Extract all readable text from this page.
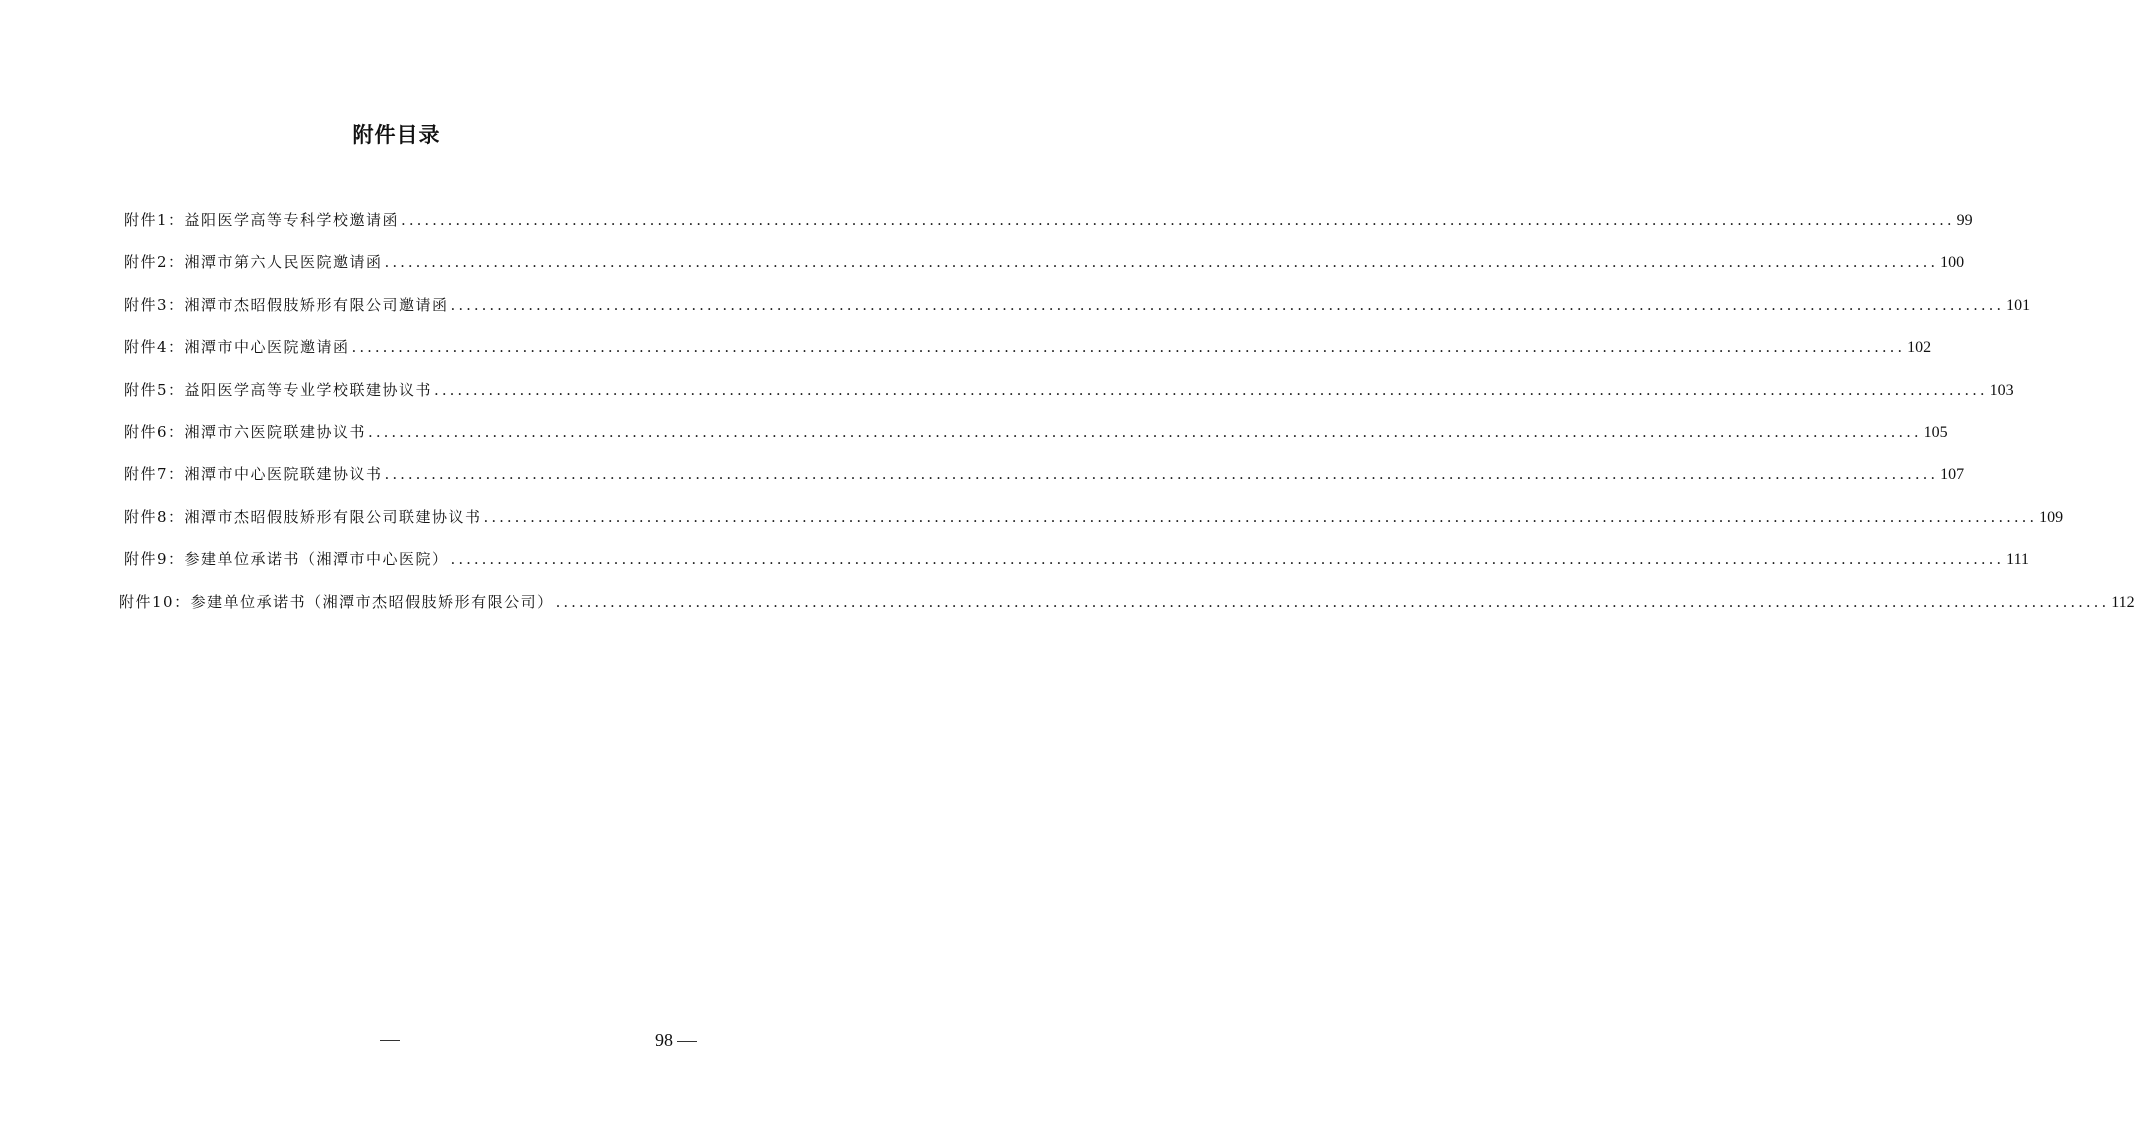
附件目录
附件1：益阳医学高等专科学校邀请函 ........................................................................................................................................................................................................ 99
附件2：湘潭市第六人民医院邀请函 ........................................................................................................................................................................................................ 100
附件3：湘潭市杰昭假肢矫形有限公司邀请函 ........................................................................................................................................................................................................ 101
附件4：湘潭市中心医院邀请函 ........................................................................................................................................................................................................ 102
附件5：益阳医学高等专业学校联建协议书 ........................................................................................................................................................................................................ 103
附件6：湘潭市六医院联建协议书 ........................................................................................................................................................................................................ 105
附件7：湘潭市中心医院联建协议书 ........................................................................................................................................................................................................ 107
附件8：湘潭市杰昭假肢矫形有限公司联建协议书 ........................................................................................................................................................................................................ 109
附件9：参建单位承诺书（湘潭市中心医院） ........................................................................................................................................................................................................ 111
附件10：参建单位承诺书（湘潭市杰昭假肢矫形有限公司） ........................................................................................................................................................................................................ 112
98
